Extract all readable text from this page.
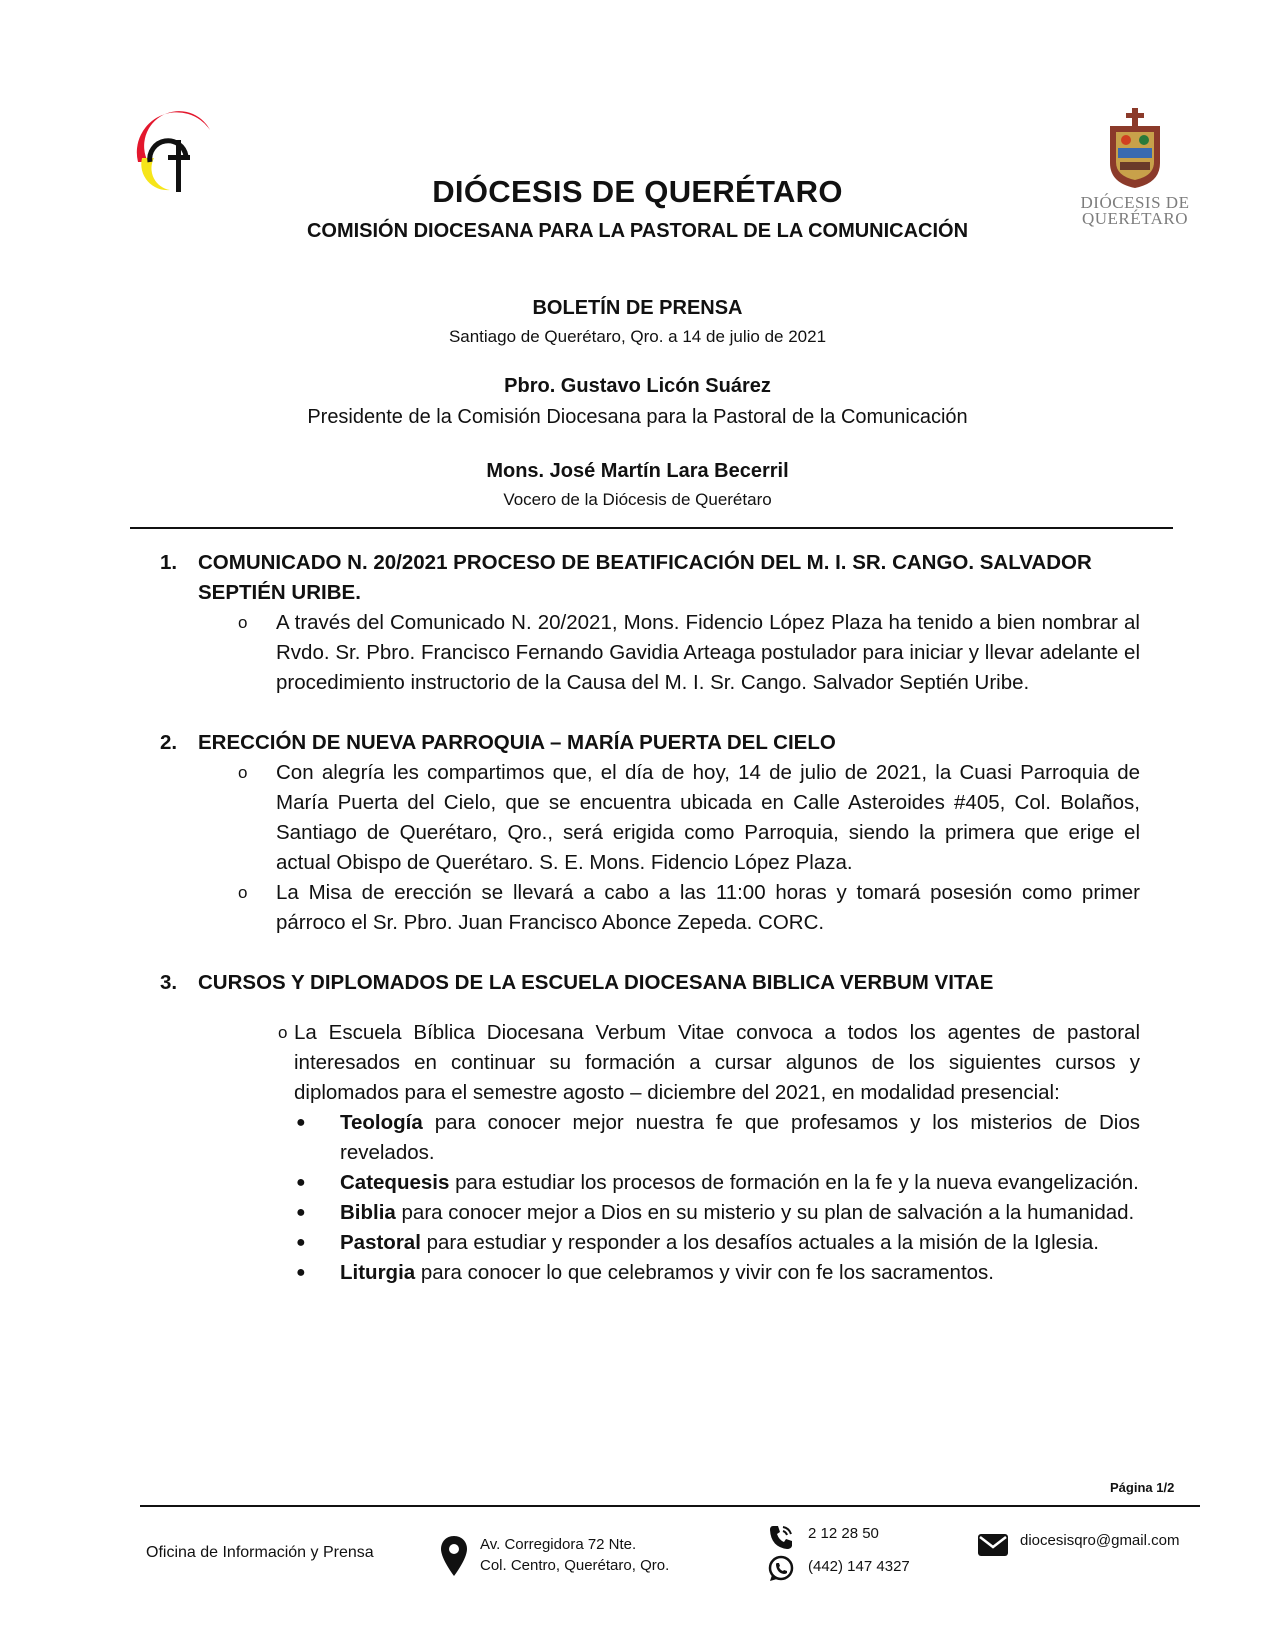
DIÓCESIS DE
QUERÉTARO
DIÓCESIS DE QUERÉTARO
COMISIÓN DIOCESANA PARA LA PASTORAL DE LA COMUNICACIÓN
BOLETÍN DE PRENSA
Santiago de Querétaro, Qro. a 14 de julio de 2021
Pbro. Gustavo Licón Suárez
Presidente de la Comisión Diocesana para la Pastoral de la Comunicación
Mons. José Martín Lara Becerril
Vocero de la Diócesis de Querétaro
1.	COMUNICADO N. 20/2021 PROCESO DE BEATIFICACIÓN DEL M. I. SR. CANGO. SALVADOR SEPTIÉN URIBE.
o	A través del Comunicado N. 20/2021, Mons. Fidencio López Plaza ha tenido a bien nombrar al Rvdo. Sr. Pbro. Francisco Fernando Gavidia Arteaga postulador para iniciar y llevar adelante el procedimiento instructorio de la Causa del M. I. Sr. Cango. Salvador Septién Uribe.
2.	ERECCIÓN DE NUEVA PARROQUIA – MARÍA PUERTA DEL CIELO
o	Con alegría les compartimos que, el día de hoy, 14 de julio de 2021, la Cuasi Parroquia de María Puerta del Cielo, que se encuentra ubicada en Calle Asteroides #405, Col. Bolaños, Santiago de Querétaro, Qro., será erigida como Parroquia, siendo la primera que erige el actual Obispo de Querétaro. S. E. Mons. Fidencio López Plaza.
o	La Misa de erección se llevará a cabo a las 11:00 horas y tomará posesión como primer párroco el Sr. Pbro. Juan Francisco Abonce Zepeda. CORC.
3.	CURSOS Y DIPLOMADOS DE LA ESCUELA DIOCESANA BIBLICA VERBUM VITAE
o La Escuela Bíblica Diocesana Verbum Vitae convoca a todos los agentes de pastoral interesados en continuar su formación a cursar algunos de los siguientes cursos y diplomados para el semestre agosto – diciembre del 2021, en modalidad presencial:
●	Teología para conocer mejor nuestra fe que profesamos y los misterios de Dios revelados.
●	Catequesis para estudiar los procesos de formación en la fe y la nueva evangelización.
●	Biblia para conocer mejor a Dios en su misterio y su plan de salvación a la humanidad.
●	Pastoral para estudiar y responder a los desafíos actuales a la misión de la Iglesia.
●	Liturgia para conocer lo que celebramos y vivir con fe los sacramentos.
Página 1/2
Oficina de Información y Prensa	Av. Corregidora 72 Nte.
Col. Centro, Querétaro, Qro.
2 12 28 50
(442) 147 4327
diocesisqro@gmail.com
